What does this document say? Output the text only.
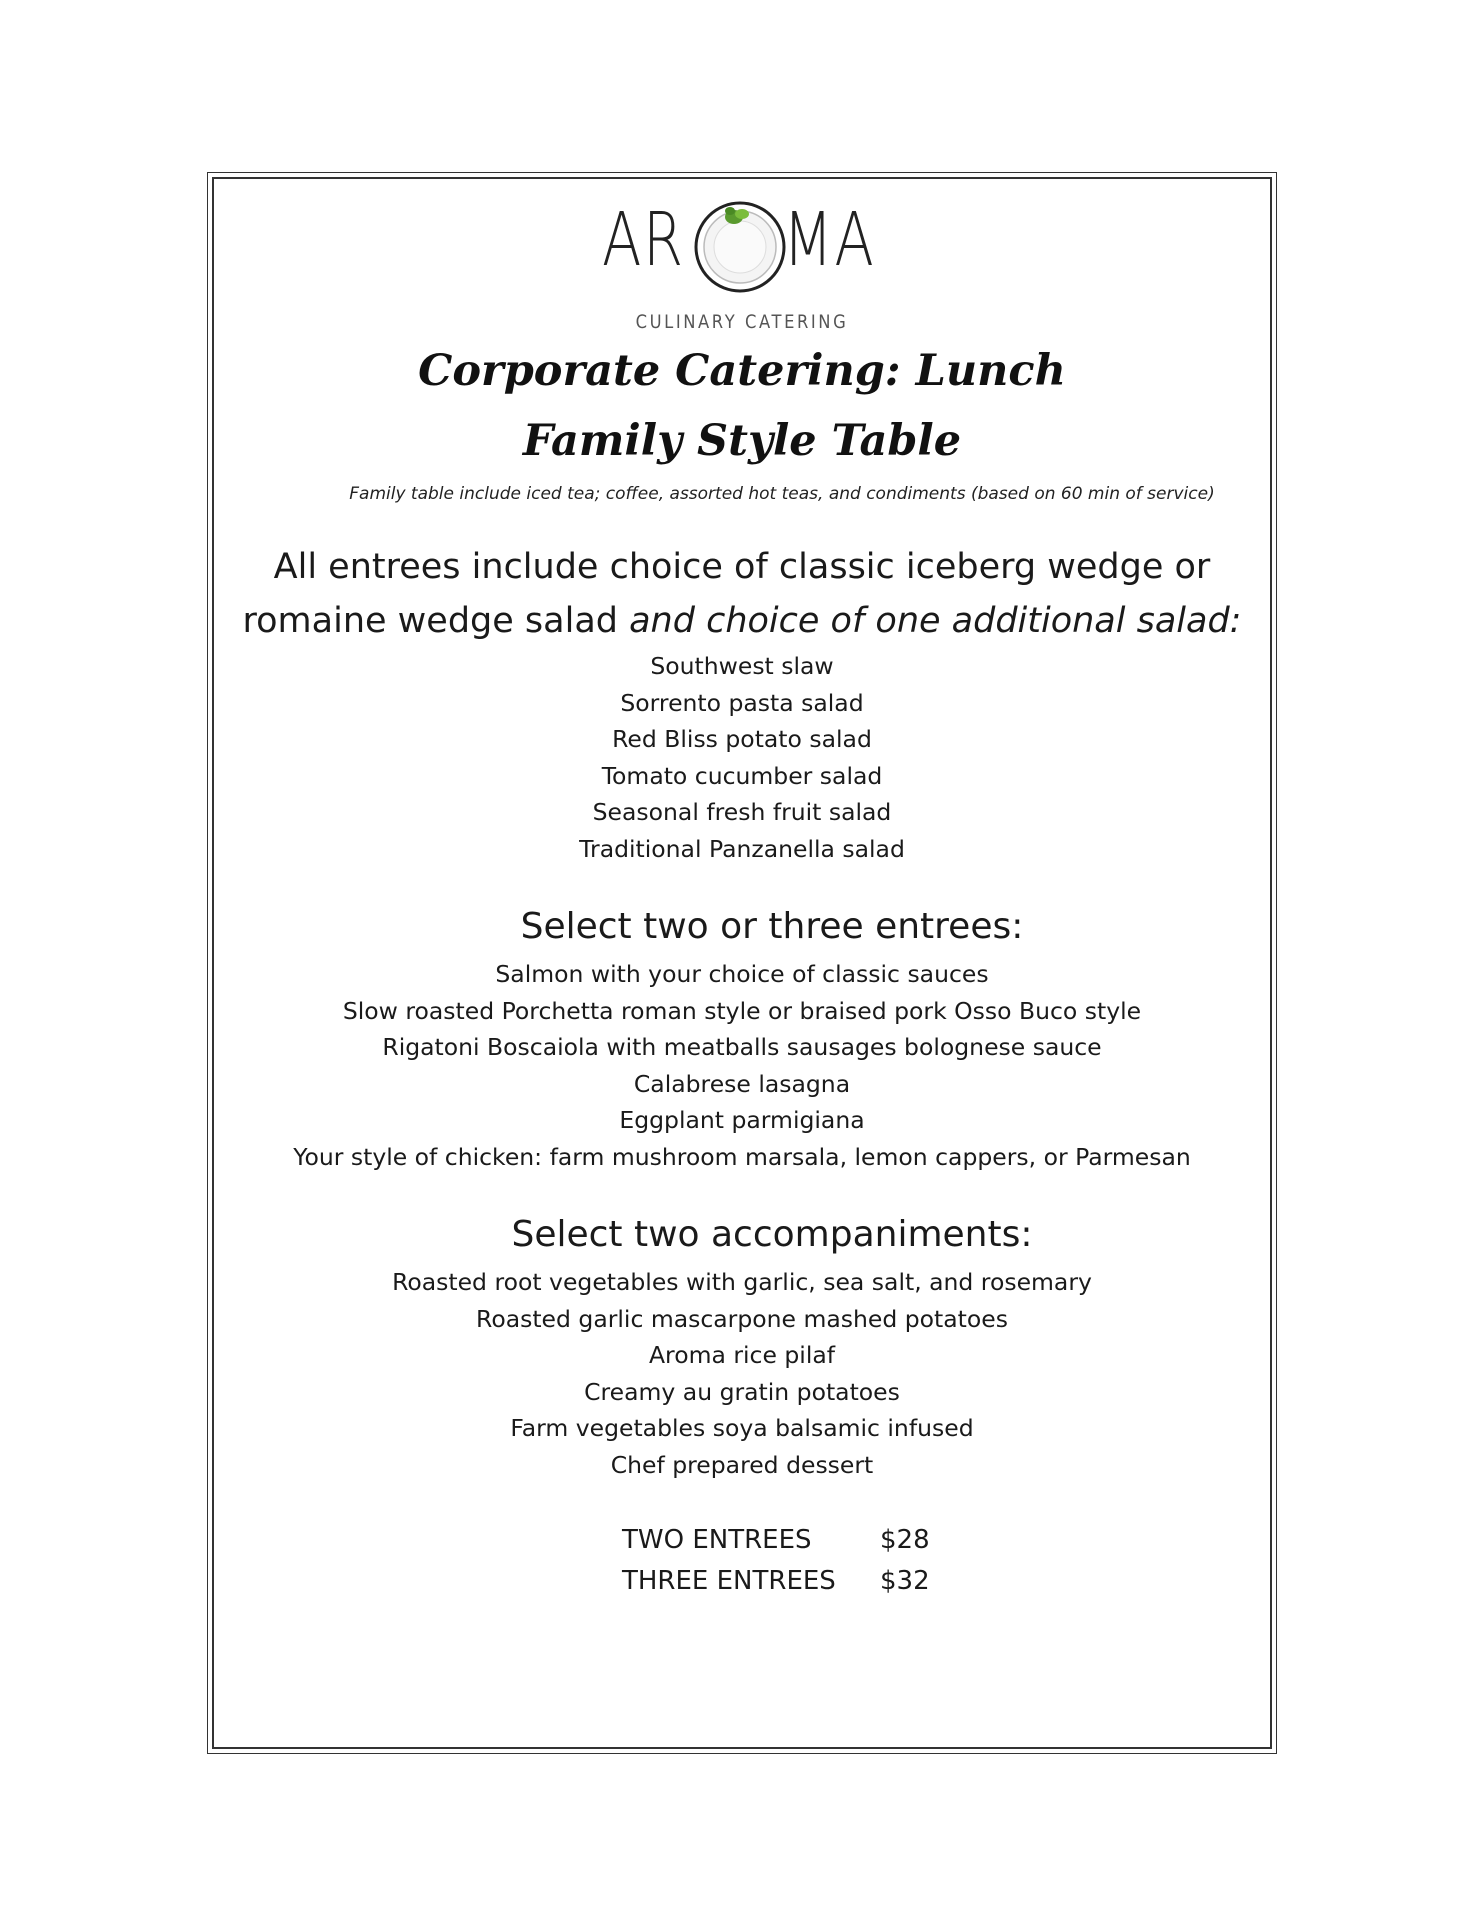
AR MA
CULINARY CATERING
Corporate Catering: Lunch
Family Style Table
Family table include iced tea; coffee, assorted hot teas, and condiments (based on 60 min of service)
All entrees include choice of classic iceberg wedge or
romaine wedge salad and choice of one additional salad:
Southwest slaw
Sorrento pasta salad
Red Bliss potato salad
Tomato cucumber salad
Seasonal fresh fruit salad
Traditional Panzanella salad
Select two or three entrees:
Salmon with your choice of classic sauces
Slow roasted Porchetta roman style or braised pork Osso Buco style
Rigatoni Boscaiola with meatballs sausages bolognese sauce
Calabrese lasagna
Eggplant parmigiana
Your style of chicken: farm mushroom marsala, lemon cappers, or Parmesan
Select two accompaniments:
Roasted root vegetables with garlic, sea salt, and rosemary
Roasted garlic mascarpone mashed potatoes
Aroma rice pilaf
Creamy au gratin potatoes
Farm vegetables soya balsamic infused
Chef prepared dessert
TWO ENTREES	$28
THREE ENTREES $32
